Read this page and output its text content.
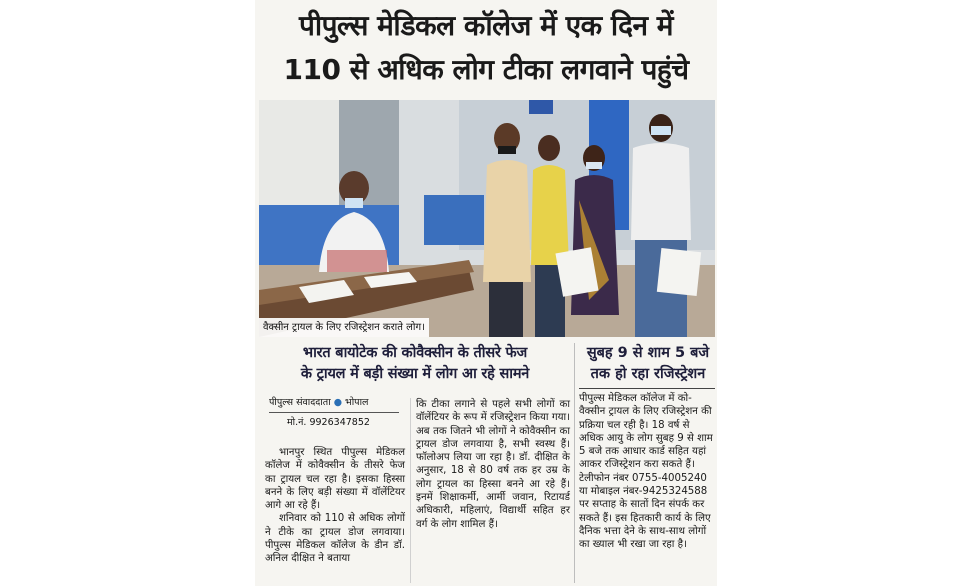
पीपुल्स मेडिकल कॉलेज में एक दिन में
110 से अधिक लोग टीका लगवाने पहुंचे
वैक्सीन ट्रायल के लिए रजिस्ट्रेशन कराते लोग।
भारत बायोटेक की कोवैक्सीन के तीसरे फेज
के ट्रायल में बड़ी संख्या में लोग आ रहे सामने
पीपुल्स संवाददाता ● भोपाल
मो.नं. 9926347852

भानपुर स्थित पीपुल्स मेडिकल कॉलेज में कोवैक्सीन के तीसरे फेज का ट्रायल चल रहा है। इसका हिस्सा बनने के लिए बड़ी संख्या में वॉलेंटियर आगे आ रहे हैं।

शनिवार को 110 से अधिक लोगों ने टीके का ट्रायल डोज लगवाया। पीपुल्स मेडिकल कॉलेज के डीन डॉ. अनिल दीक्षित ने बताया

कि टीका लगाने से पहले सभी लोगों का वॉलेंटियर के रूप में रजिस्ट्रेशन किया गया। अब तक जितने भी लोगों ने कोवैक्सीन का ट्रायल डोज लगवाया है, सभी स्वस्थ हैं। फॉलोअप लिया जा रहा है। डॉ. दीक्षित के अनुसार, 18 से 80 वर्ष तक हर उम्र के लोग ट्रायल का हिस्सा बनने आ रहे हैं। इनमें शिक्षाकर्मी, आर्मी जवान, रिटायर्ड अधिकारी, महिलाएं, विद्यार्थी सहित हर वर्ग के लोग शामिल हैं।

सुबह 9 से शाम 5 बजे
तक हो रहा रजिस्ट्रेशन
पीपुल्स मेडिकल कॉलेज में को-वैक्सीन ट्रायल के लिए रजिस्ट्रेशन की प्रक्रिया चल रही है। 18 वर्ष से अधिक आयु के लोग सुबह 9 से शाम 5 बजे तक आधार कार्ड सहित यहां आकर रजिस्ट्रेशन करा सकते हैं। टेलीफोन नंबर 0755-4005240 या मोबाइल नंबर-9425324588 पर सप्ताह के सातों दिन संपर्क कर सकते हैं। इस हितकारी कार्य के लिए दैनिक भत्ता देने के साथ-साथ लोगों का ख्याल भी रखा जा रहा है।
